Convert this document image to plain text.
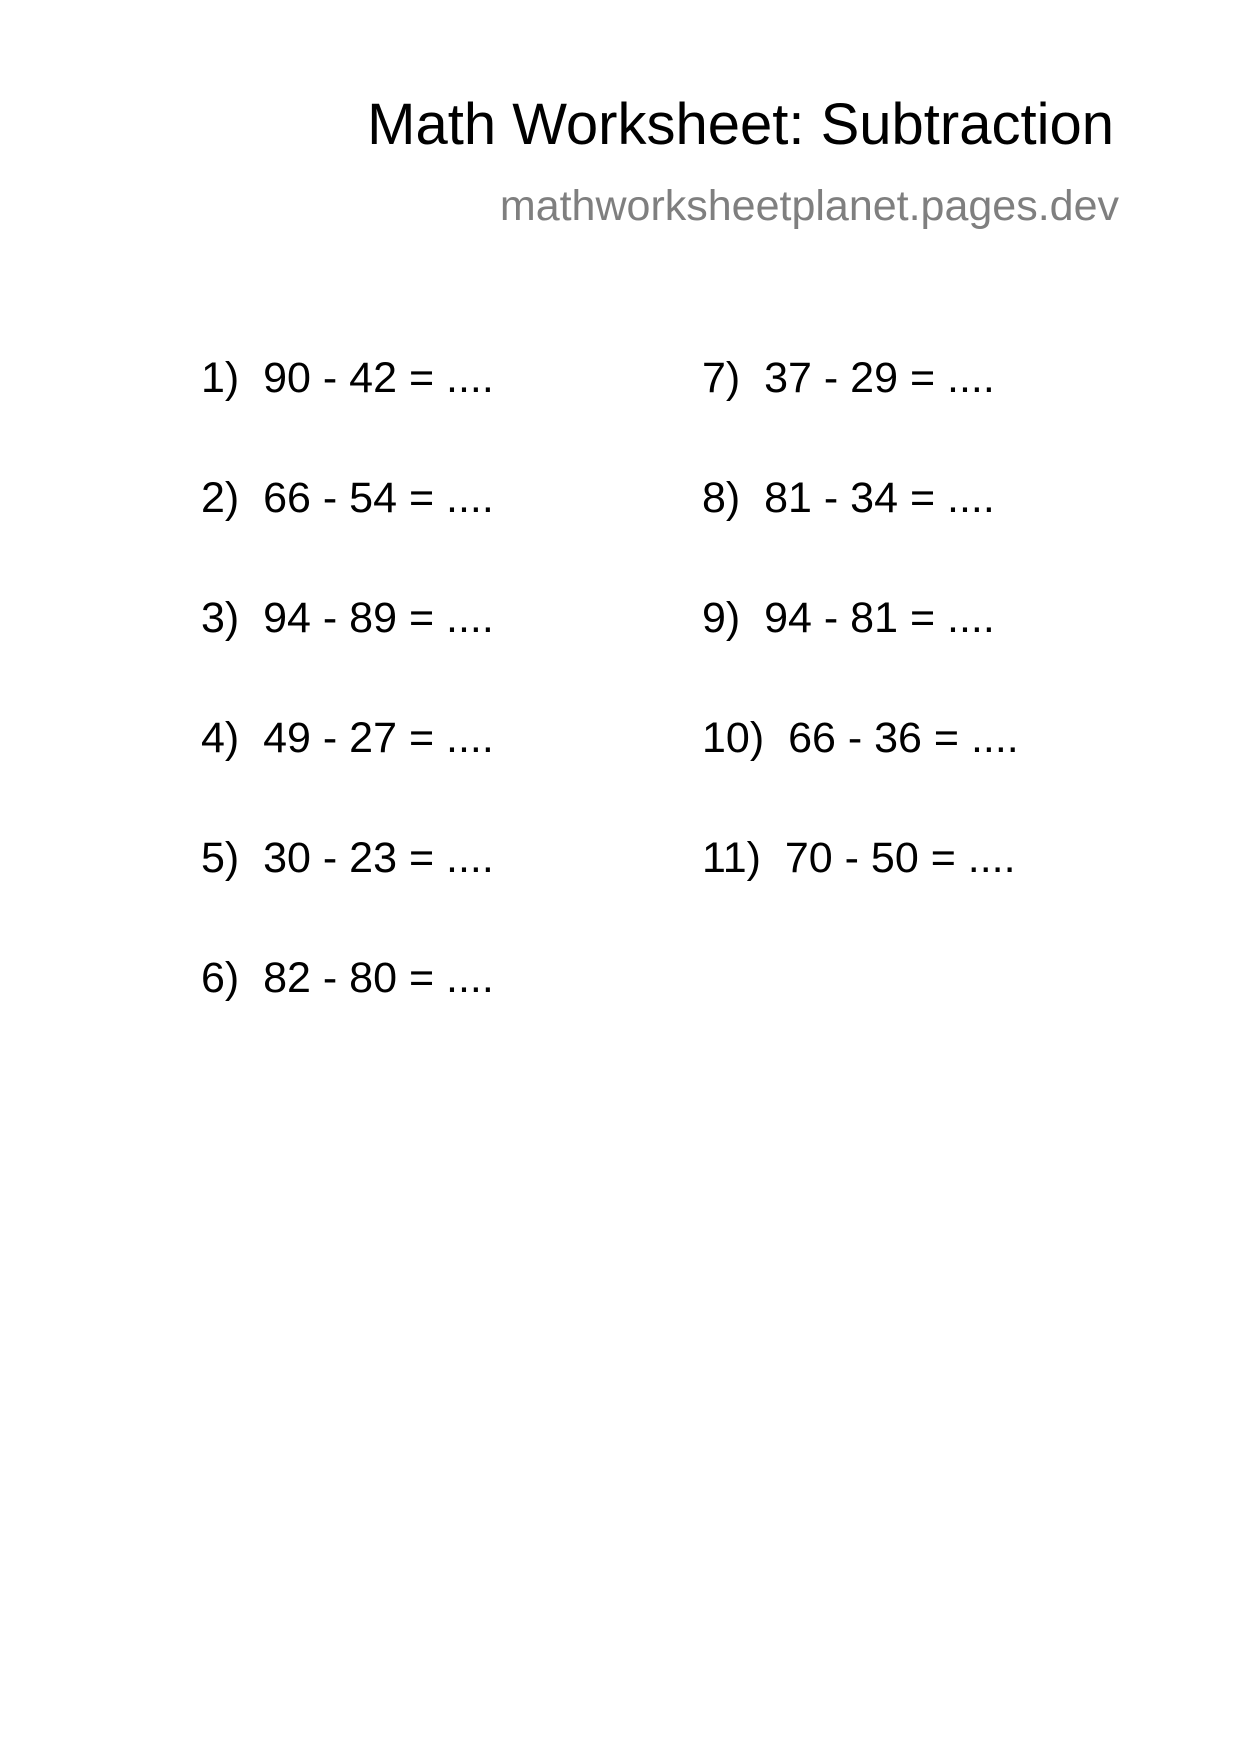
Math Worksheet: Subtraction
mathworksheetplanet.pages.dev
1) 90 - 42 = ....
2) 66 - 54 = ....
3) 94 - 89 = ....
4) 49 - 27 = ....
5) 30 - 23 = ....
6) 82 - 80 = ....
7) 37 - 29 = ....
8) 81 - 34 = ....
9) 94 - 81 = ....
10) 66 - 36 = ....
11) 70 - 50 = ....
